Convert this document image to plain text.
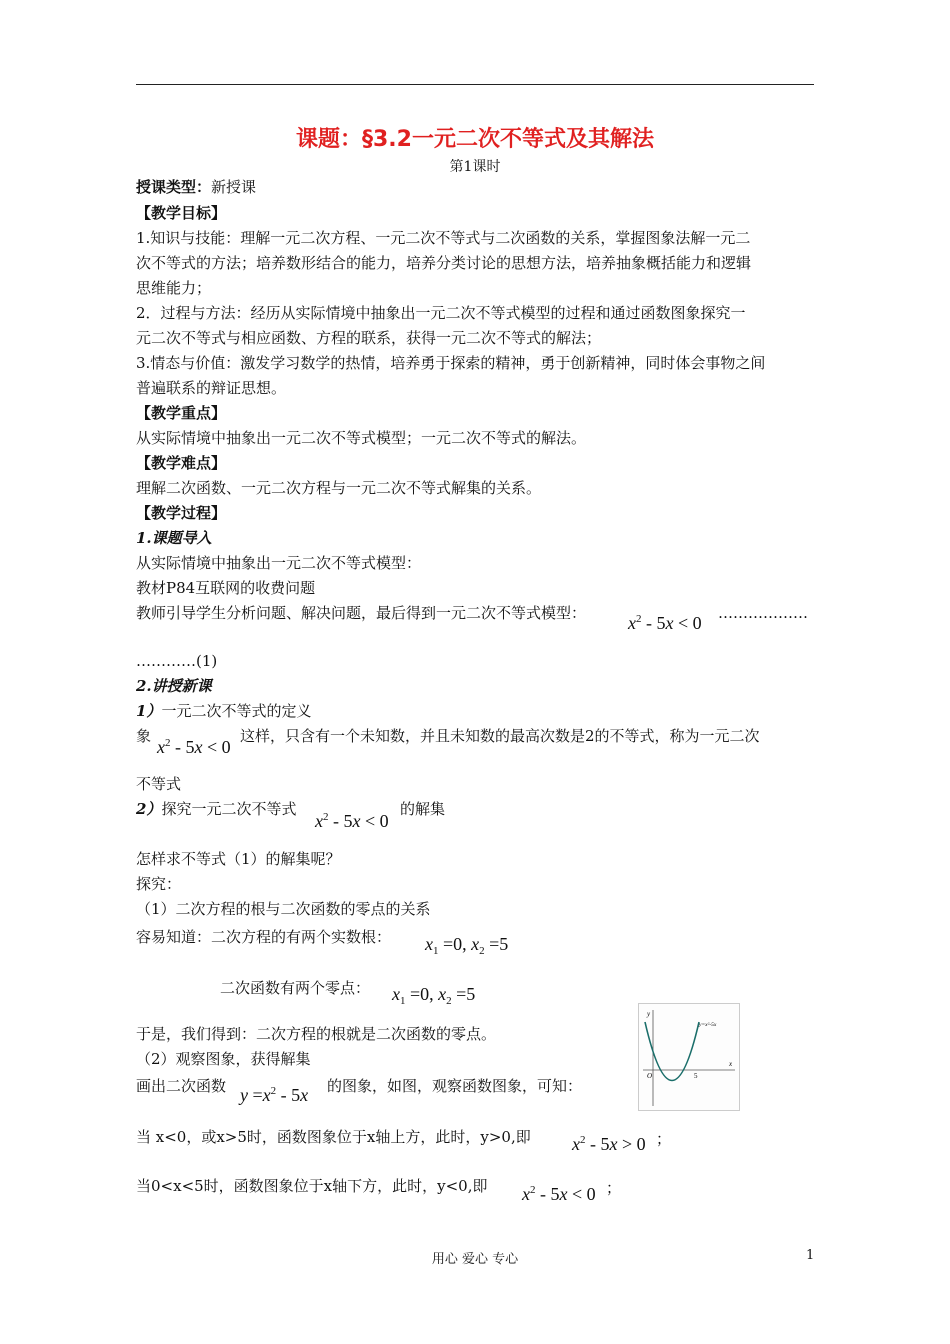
课题：§3.2一元二次不等式及其解法
第1课时
授课类型：新授课
【教学目标】
1.知识与技能：理解一元二次方程、一元二次不等式与二次函数的关系，掌握图象法解一元二
次不等式的方法；培养数形结合的能力，培养分类讨论的思想方法，培养抽象概括能力和逻辑
思维能力；
2．过程与方法：经历从实际情境中抽象出一元二次不等式模型的过程和通过函数图象探究一
元二次不等式与相应函数、方程的联系，获得一元二次不等式的解法；
3.情态与价值：激发学习数学的热情，培养勇于探索的精神，勇于创新精神，同时体会事物之间
普遍联系的辩证思想。
【教学重点】
从实际情境中抽象出一元二次不等式模型；一元二次不等式的解法。
【教学难点】
理解二次函数、一元二次方程与一元二次不等式解集的关系。
【教学过程】
1.课题导入
从实际情境中抽象出一元二次不等式模型：
教材P84互联网的收费问题
教师引导学生分析问题、解决问题，最后得到一元二次不等式模型：	………………
$x^2 - 5x < 0$
…………(1)
2.讲授新课
1）一元二次不等式的定义
象
$x^2 - 5x < 0$
这样，只含有一个未知数，并且未知数的最高次数是2的不等式，称为一元二次
不等式
2）探究一元二次不等式
$x^2 - 5x < 0$
的解集
怎样求不等式（1）的解集呢？
探究：
（1）二次方程的根与二次函数的零点的关系
容易知道：二次方程的有两个实数根： $x_1 =0$, $x_2 =5$
二次函数有两个零点： $x_1 =0$, $x_2 =5$
于是，我们得到：二次方程的根就是二次函数的零点。
（2）观察图象，获得解集
画出二次函数 $y =x^2 - 5x$ 的图象，如图，观察函数图象，可知：
y
x
O	5
y=x²-5x
当 x<0，或x>5时，函数图象位于x轴上方，此时，y>0,即 $x^2 - 5x > 0$ ；
当0<x<5时，函数图象位于x轴下方，此时，y<0,即 $x^2 - 5x < 0$ ；
用心 爱心 专心	1
